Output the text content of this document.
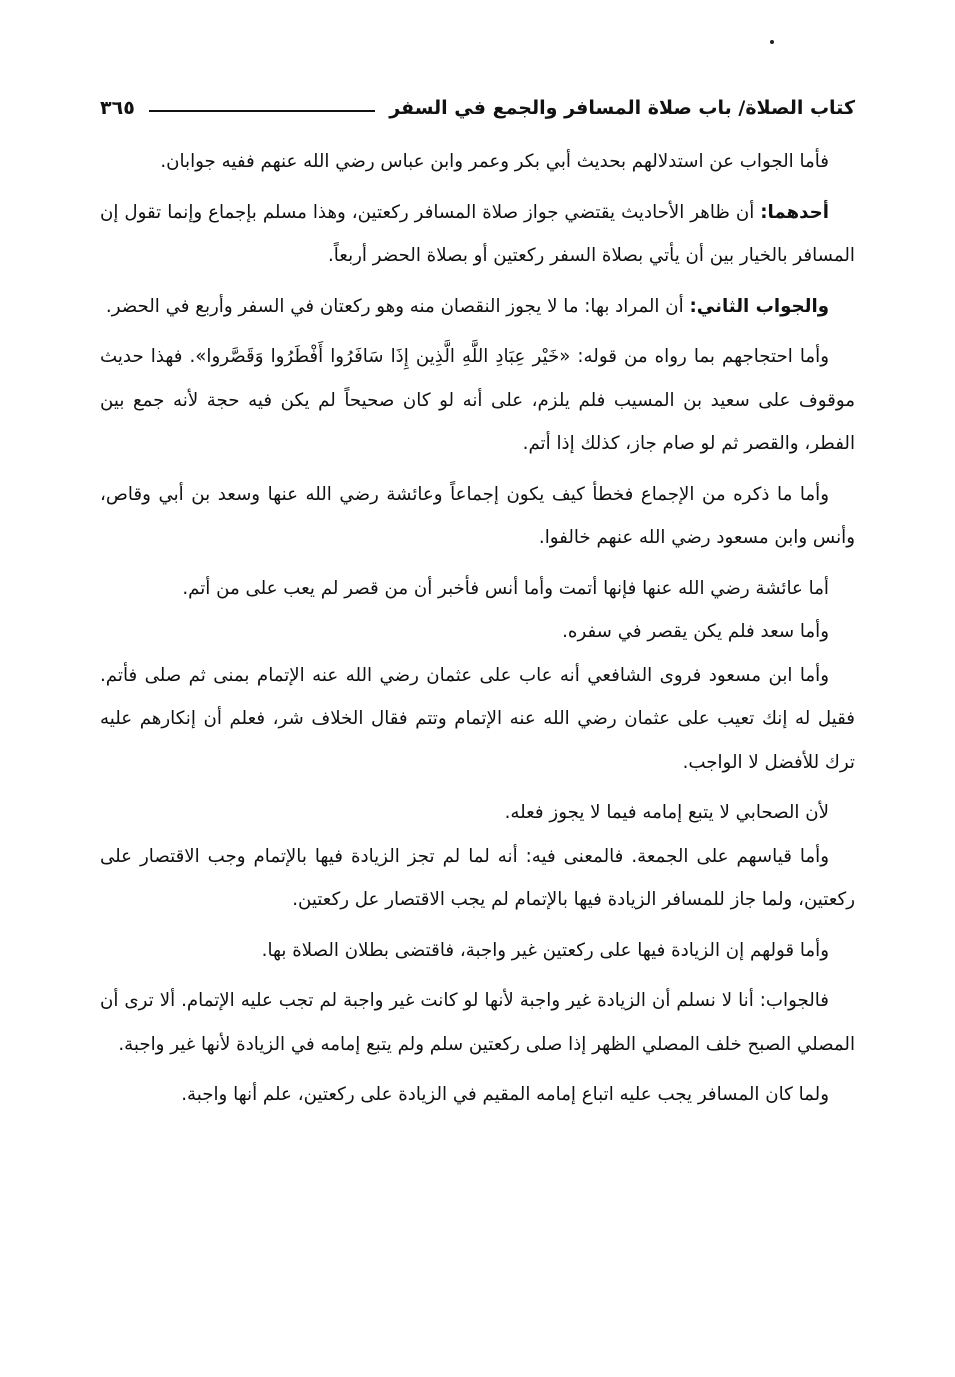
كتاب الصلاة/ باب صلاة المسافر والجمع في السفر
٣٦٥

فأما الجواب عن استدلالهم بحديث أبي بكر وعمر وابن عباس رضي الله عنهم ففيه جوابان.

أحدهما: أن ظاهر الأحاديث يقتضي جواز صلاة المسافر ركعتين، وهذا مسلم بإجماع وإنما تقول إن المسافر بالخيار بين أن يأتي بصلاة السفر ركعتين أو بصلاة الحضر أربعاً.

والجواب الثاني: أن المراد بها: ما لا يجوز النقصان منه وهو ركعتان في السفر وأربع في الحضر.

وأما احتجاجهم بما رواه من قوله: «خَيْر عِبَادِ اللَّهِ الَّذِين إِذَا سَافَرُوا أَفْطَرُوا وَقَصَّروا». فهذا حديث موقوف على سعيد بن المسيب فلم يلزم، على أنه لو كان صحيحاً لم يكن فيه حجة لأنه جمع بين الفطر، والقصر ثم لو صام جاز، كذلك إذا أتم.

وأما ما ذكره من الإجماع فخطأ كيف يكون إجماعاً وعائشة رضي الله عنها وسعد بن أبي وقاص، وأنس وابن مسعود رضي الله عنهم خالفوا.

أما عائشة رضي الله عنها فإنها أتمت وأما أنس فأخبر أن من قصر لم يعب على من أتم.

وأما سعد فلم يكن يقصر في سفره.

وأما ابن مسعود فروى الشافعي أنه عاب على عثمان رضي الله عنه الإتمام بمنى ثم صلى فأتم. فقيل له إنك تعيب على عثمان رضي الله عنه الإتمام وتتم فقال الخلاف شر، فعلم أن إنكارهم عليه ترك للأفضل لا الواجب.

لأن الصحابي لا يتبع إمامه فيما لا يجوز فعله.

وأما قياسهم على الجمعة. فالمعنى فيه: أنه لما لم تجز الزيادة فيها بالإتمام وجب الاقتصار على ركعتين، ولما جاز للمسافر الزيادة فيها بالإتمام لم يجب الاقتصار عل ركعتين.

وأما قولهم إن الزيادة فيها على ركعتين غير واجبة، فاقتضى بطلان الصلاة بها.

فالجواب: أنا لا نسلم أن الزيادة غير واجبة لأنها لو كانت غير واجبة لم تجب عليه الإتمام. ألا ترى أن المصلي الصبح خلف المصلي الظهر إذا صلى ركعتين سلم ولم يتبع إمامه في الزيادة لأنها غير واجبة.

ولما كان المسافر يجب عليه اتباع إمامه المقيم في الزيادة على ركعتين، علم أنها واجبة.
